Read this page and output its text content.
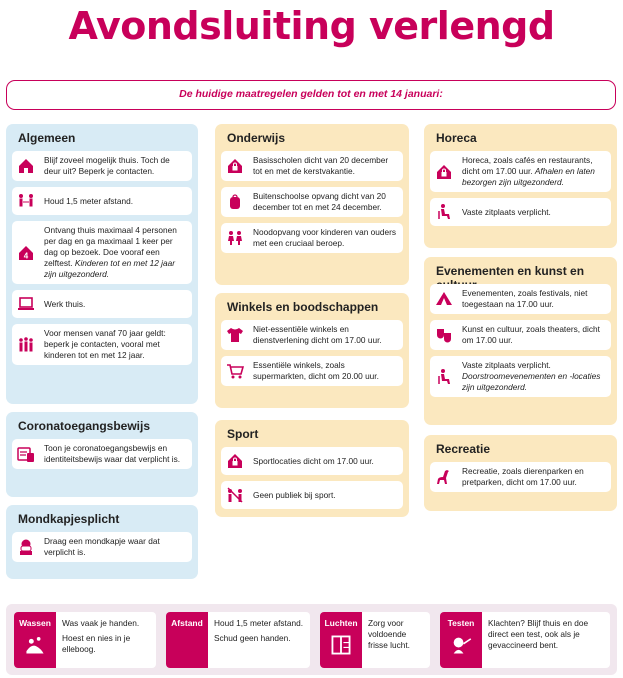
Avondsluiting verlengd
De huidige maatregelen gelden tot en met 14 januari:
Algemeen
Blijf zoveel mogelijk thuis. Toch de deur uit? Beperk je contacten.
Houd 1,5 meter afstand.
4
Ontvang thuis maximaal 4 personen per dag en ga maximaal 1 keer per dag op bezoek. Doe vooraf een zelftest. Kinderen tot en met 12 jaar zijn uitgezonderd.
Werk thuis.
Voor mensen vanaf 70 jaar geldt: beperk je contacten, vooral met kinderen tot en met 12 jaar.
Coronatoegangsbewijs
Toon je coronatoegangsbewijs en identiteitsbewijs waar dat verplicht is.
Mondkapjesplicht
Draag een mondkapje waar dat verplicht is.
Onderwijs
Basisscholen dicht van 20 december tot en met de kerstvakantie.
Buitenschoolse opvang dicht van 20 december tot en met 24 december.
Noodopvang voor kinderen van ouders met een cruciaal beroep.
Winkels en boodschappen
Niet-essentiële winkels en dienstverlening dicht om 17.00 uur.
Essentiële winkels, zoals supermarkten, dicht om 20.00 uur.
Sport
Sportlocaties dicht om 17.00 uur.
Geen publiek bij sport.
Horeca
Horeca, zoals cafés en restaurants, dicht om 17.00 uur. Afhalen en laten bezorgen zijn uitgezonderd.
Vaste zitplaats verplicht.
Evenementen en kunst en
Evenementen, zoals festivals, niet toegestaan na 17.00 uur.
Kunst en cultuur, zoals theaters, dicht om 17.00 uur.
Vaste zitplaats verplicht. Doorstroomevenementen en -locaties zijn uitgezonderd.
Recreatie
Recreatie, zoals dierenparken en pretparken, dicht om 17.00 uur.
Wassen	Was vaak je handen.

Hoest en nies in je elleboog.

Afstand	Houd 1,5 meter afstand.

Schud geen handen.

Luchten	Zorg voor voldoende frisse lucht.

Testen	Klachten? Blijf thuis en doe direct een test, ook als je gevaccineerd bent.
